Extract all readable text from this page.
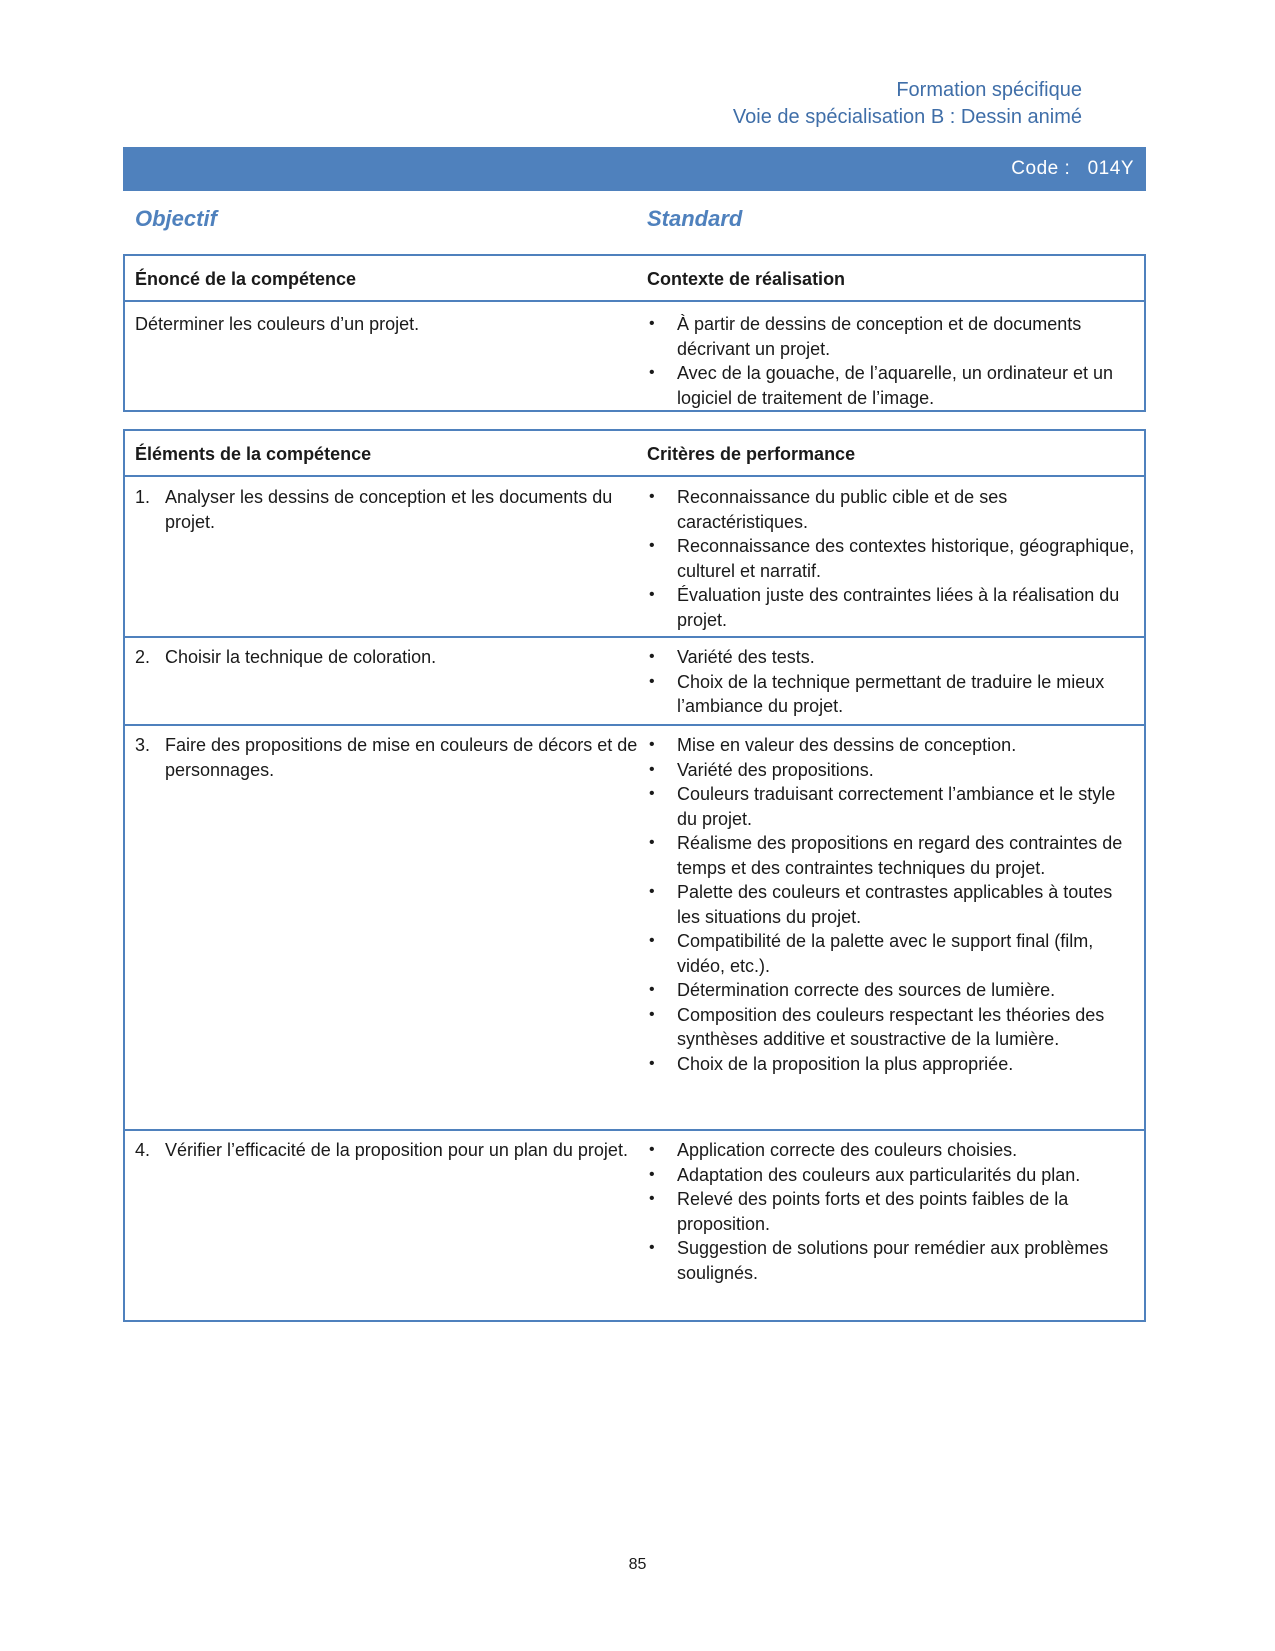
Formation spécifique
Voie de spécialisation B : Dessin animé
Code :   014Y
Objectif	Standard
Énoncé de la compétence	Contexte de réalisation
Déterminer les couleurs d’un projet.	• À partir de dessins de conception et de documents décrivant un projet.
• Avec de la gouache, de l’aquarelle, un ordinateur et un logiciel de traitement de l’image.
Éléments de la compétence	Critères de performance
1. Analyser les dessins de conception et les documents du projet.
• Reconnaissance du public cible et de ses caractéristiques.
• Reconnaissance des contextes historique, géographique, culturel et narratif.
• Évaluation juste des contraintes liées à la réalisation du projet.
2. Choisir la technique de coloration.	• Variété des tests.
• Choix de la technique permettant de traduire le mieux l’ambiance du projet.
3. Faire des propositions de mise en couleurs de décors et de personnages.
• Mise en valeur des dessins de conception.
• Variété des propositions.
• Couleurs traduisant correctement l’ambiance et le style du projet.
• Réalisme des propositions en regard des contraintes de temps et des contraintes techniques du projet.
• Palette des couleurs et contrastes applicables à toutes les situations du projet.
• Compatibilité de la palette avec le support final (film, vidéo, etc.).
• Détermination correcte des sources de lumière.
• Composition des couleurs respectant les théories des synthèses additive et soustractive de la lumière.
• Choix de la proposition la plus appropriée.
4. Vérifier l’efficacité de la proposition pour un plan du projet.	• Application correcte des couleurs choisies.
• Adaptation des couleurs aux particularités du plan.
• Relevé des points forts et des points faibles de la proposition.
• Suggestion de solutions pour remédier aux problèmes soulignés.
85
